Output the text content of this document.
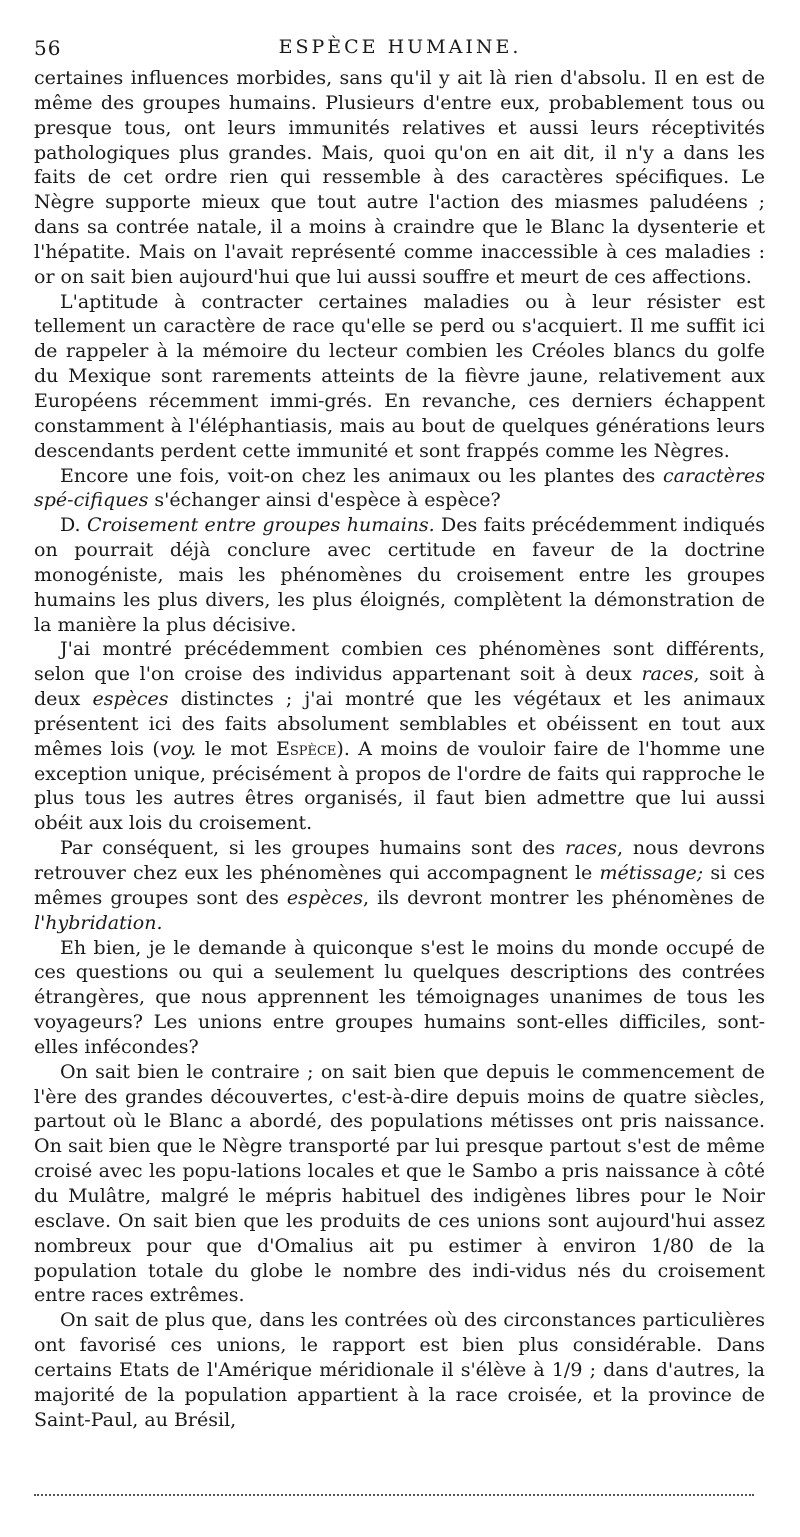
56	ESPÈCE HUMAINE.

certaines influences morbides, sans qu'il y ait là rien d'absolu. Il en est de même des groupes humains. Plusieurs d'entre eux, probablement tous ou presque tous, ont leurs immunités relatives et aussi leurs réceptivités pathologiques plus grandes. Mais, quoi qu'on en ait dit, il n'y a dans les faits de cet ordre rien qui ressemble à des caractères spécifiques. Le Nègre supporte mieux que tout autre l'action des miasmes paludéens ; dans sa contrée natale, il a moins à craindre que le Blanc la dysenterie et l'hépatite. Mais on l'avait représenté comme inaccessible à ces maladies : or on sait bien aujourd'hui que lui aussi souffre et meurt de ces affections.

L'aptitude à contracter certaines maladies ou à leur résister est tellement un caractère de race qu'elle se perd ou s'acquiert. Il me suffit ici de rappeler à la mémoire du lecteur combien les Créoles blancs du golfe du Mexique sont rarements atteints de la fièvre jaune, relativement aux Européens récemment immi-grés. En revanche, ces derniers échappent constamment à l'éléphantiasis, mais au bout de quelques générations leurs descendants perdent cette immunité et sont frappés comme les Nègres.

Encore une fois, voit-on chez les animaux ou les plantes des caractères spé-cifiques s'échanger ainsi d'espèce à espèce?

D. Croisement entre groupes humains. Des faits précédemment indiqués on pourrait déjà conclure avec certitude en faveur de la doctrine monogéniste, mais les phénomènes du croisement entre les groupes humains les plus divers, les plus éloignés, complètent la démonstration de la manière la plus décisive.

J'ai montré précédemment combien ces phénomènes sont différents, selon que l'on croise des individus appartenant soit à deux races, soit à deux espèces distinctes ; j'ai montré que les végétaux et les animaux présentent ici des faits absolument semblables et obéissent en tout aux mêmes lois (voy. le mot Espèce). A moins de vouloir faire de l'homme une exception unique, précisément à propos de l'ordre de faits qui rapproche le plus tous les autres êtres organisés, il faut bien admettre que lui aussi obéit aux lois du croisement.

Par conséquent, si les groupes humains sont des races, nous devrons retrouver chez eux les phénomènes qui accompagnent le métissage; si ces mêmes groupes sont des espèces, ils devront montrer les phénomènes de l'hybridation.

Eh bien, je le demande à quiconque s'est le moins du monde occupé de ces questions ou qui a seulement lu quelques descriptions des contrées étrangères, que nous apprennent les témoignages unanimes de tous les voyageurs? Les unions entre groupes humains sont-elles difficiles, sont-elles infécondes?

On sait bien le contraire ; on sait bien que depuis le commencement de l'ère des grandes découvertes, c'est-à-dire depuis moins de quatre siècles, partout où le Blanc a abordé, des populations métisses ont pris naissance. On sait bien que le Nègre transporté par lui presque partout s'est de même croisé avec les popu-lations locales et que le Sambo a pris naissance à côté du Mulâtre, malgré le mépris habituel des indigènes libres pour le Noir esclave. On sait bien que les produits de ces unions sont aujourd'hui assez nombreux pour que d'Omalius ait pu estimer à environ 1/80 de la population totale du globe le nombre des indi-vidus nés du croisement entre races extrêmes.

On sait de plus que, dans les contrées où des circonstances particulières ont favorisé ces unions, le rapport est bien plus considérable. Dans certains Etats de l'Amérique méridionale il s'élève à 1/9 ; dans d'autres, la majorité de la population appartient à la race croisée, et la province de Saint-Paul, au Brésil,
